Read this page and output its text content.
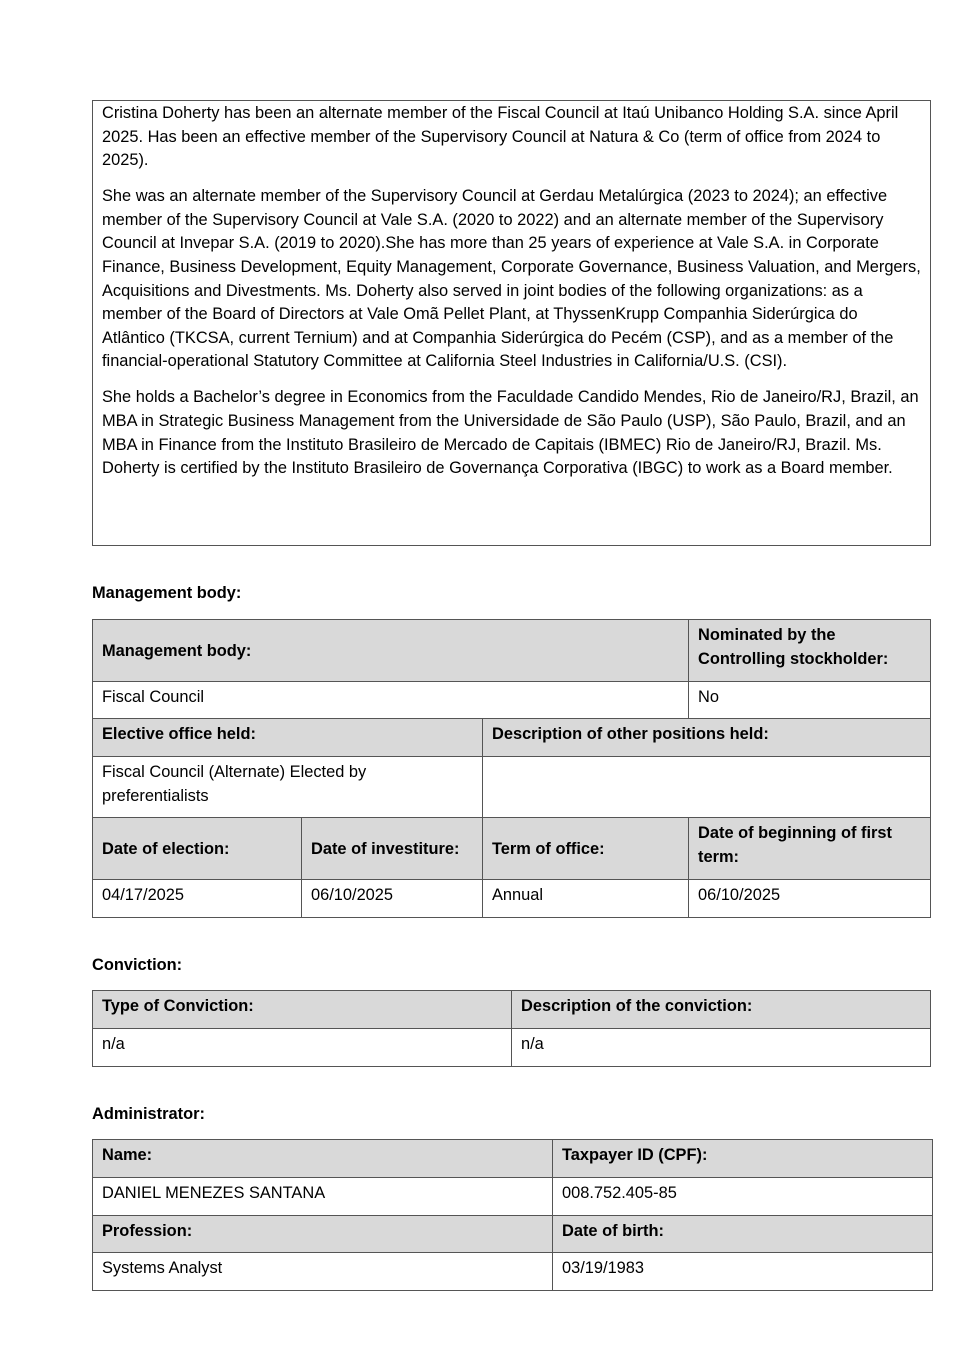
Cristina Doherty has been an alternate member of the Fiscal Council at Itaú Unibanco Holding S.A. since April 2025. Has been an effective member of the Supervisory Council at Natura & Co (term of office from 2024 to 2025).

She was an alternate member of the Supervisory Council at Gerdau Metalúrgica (2023 to 2024); an effective member of the Supervisory Council at Vale S.A. (2020 to 2022) and an alternate member of the Supervisory Council at Invepar S.A. (2019 to 2020).She has more than 25 years of experience at Vale S.A. in Corporate Finance, Business Development, Equity Management, Corporate Governance, Business Valuation, and Mergers, Acquisitions and Divestments. Ms. Doherty also served in joint bodies of the following organizations: as a member of the Board of Directors at Vale Omã Pellet Plant, at ThyssenKrupp Companhia Siderúrgica do Atlântico (TKCSA, current Ternium) and at Companhia Siderúrgica do Pecém (CSP), and as a member of the financial-operational Statutory Committee at California Steel Industries in California/U.S. (CSI).

She holds a Bachelor’s degree in Economics from the Faculdade Candido Mendes, Rio de Janeiro/RJ, Brazil, an MBA in Strategic Business Management from the Universidade de São Paulo (USP), São Paulo, Brazil, and an MBA in Finance from the Instituto Brasileiro de Mercado de Capitais (IBMEC) Rio de Janeiro/RJ, Brazil. Ms. Doherty is certified by the Instituto Brasileiro de Governança Corporativa (IBGC) to work as a Board member.

Management body:
Management body:			Nominated by the Controlling stockholder:
Fiscal Council			No
Elective office held:		Description of other positions held:	
Fiscal Council (Alternate) Elected by preferentialists			
Date of election:	Date of investiture:	Term of office:	Date of beginning of first term:
04/17/2025	06/10/2025	Annual	06/10/2025
Conviction:
Type of Conviction:	Description of the conviction:
n/a	n/a
Administrator:
Name:	Taxpayer ID (CPF):
DANIEL MENEZES SANTANA	008.752.405-85
Profession:	Date of birth:
Systems Analyst	03/19/1983
